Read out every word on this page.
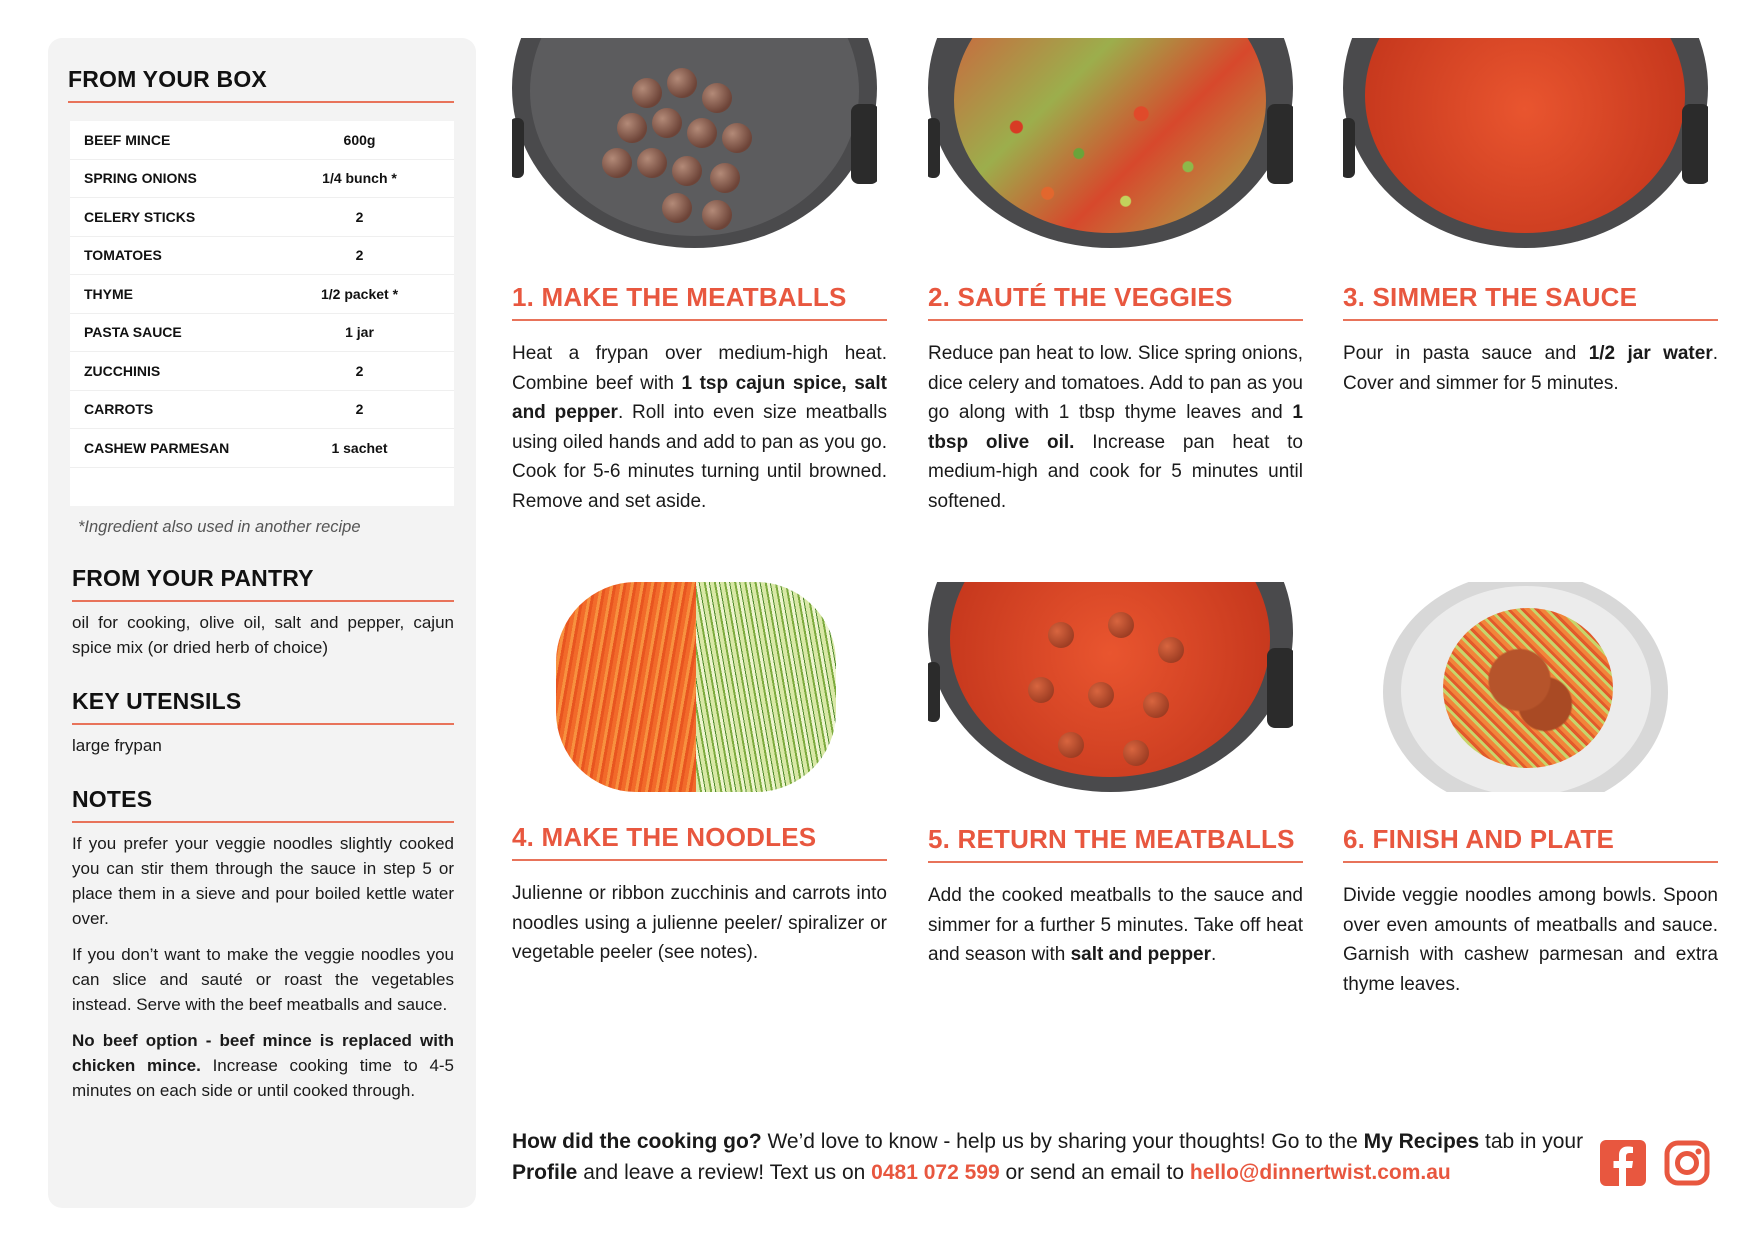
FROM YOUR BOX
BEEF MINCE	600g
SPRING ONIONS	1/4 bunch *
CELERY STICKS	2
TOMATOES	2
THYME	1/2 packet *
PASTA SAUCE	1 jar
ZUCCHINIS	2
CARROTS	2
CASHEW PARMESAN	1 sachet
*Ingredient also used in another recipe
FROM YOUR PANTRY
oil for cooking, olive oil, salt and pepper, cajun spice mix (or dried herb of choice)
KEY UTENSILS
large frypan
NOTES

If you prefer your veggie noodles slightly cooked you can stir them through the sauce in step 5 or place them in a sieve and pour boiled kettle water over.

If you don’t want to make the veggie noodles you can slice and sauté or roast the vegetables instead. Serve with the beef meatballs and sauce.

No beef option - beef mince is replaced with chicken mince. Increase cooking time to 4-5 minutes on each side or until cooked through.

1. MAKE THE MEATBALLS
Heat a frypan over medium-high heat. Combine beef with 1 tsp cajun spice, salt and pepper. Roll into even size meatballs using oiled hands and add to pan as you go. Cook for 5-6 minutes turning until browned. Remove and set aside.
2. SAUTÉ THE VEGGIES
Reduce pan heat to low. Slice spring onions, dice celery and tomatoes. Add to pan as you go along with 1 tbsp thyme leaves and 1 tbsp olive oil. Increase pan heat to medium-high and cook for 5 minutes until softened.
3. SIMMER THE SAUCE
Pour in pasta sauce and 1/2 jar water. Cover and simmer for 5 minutes.
4. MAKE THE NOODLES
Julienne or ribbon zucchinis and carrots into noodles using a julienne peeler/ spiralizer or vegetable peeler (see notes).
5. RETURN THE MEATBALLS
Add the cooked meatballs to the sauce and simmer for a further 5 minutes. Take off heat and season with salt and pepper.
6. FINISH AND PLATE
Divide veggie noodles among bowls. Spoon over even amounts of meatballs and sauce. Garnish with cashew parmesan and extra thyme leaves.
How did the cooking go? We’d love to know - help us by sharing your thoughts! Go to the My Recipes tab in your Profile and leave a review! Text us on 0481 072 599 or send an email to hello@dinnertwist.com.au
